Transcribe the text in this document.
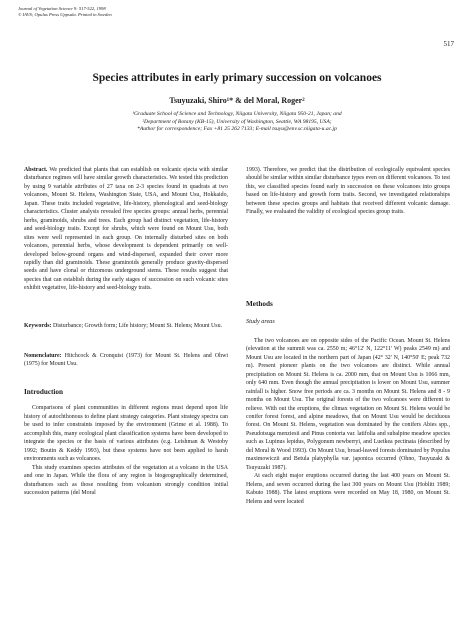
Journal of Vegetation Science 9: 517-522, 1998
© IAVS; Opulus Press Uppsala. Printed in Sweden
517
Species attributes in early primary succession on volcanoes
Tsuyuzaki, Shiro¹* & del Moral, Roger²
¹Graduate School of Science and Technology, Niigata University, Niigata 950-21, Japan; and
²Department of Botany (KB-15), University of Washington, Seattle, WA 98195, USA;
*Author for correspondence; Fax +81 25 262 7133; E-mail tsuyu@env.sc.niigata-u.ac.jp

Abstract. We predicted that plants that can establish on volcanic ejecta with similar disturbance regimes will have similar growth characteristics. We tested this prediction by using 9 variable attributes of 27 taxa on 2-3 species found in quadrats at two volcanoes, Mount St. Helens, Washington State, USA, and Mount Usu, Hokkaido, Japan. These traits included vegetative, life-history, phenological and seed-biology characteristics. Cluster analysis revealed five species groups: annual herbs, perennial herbs, graminoids, shrubs and trees. Each group had distinct vegetation, life-history and seed-biology traits. Except for shrubs, which were found on Mount Usu, both sites were well represented in each group. On internally disturbed sites on both volcanoes, perennial herbs, whose development is dependent primarily on well-developed below-ground organs and wind-dispersed, expanded their cover more rapidly than did graminoids. These graminoids generally produce gravity-dispersed seeds and have clonal or rhizomous underground stems. These results suggest that species that can establish during the early stages of succession on such volcanic sites exhibit vegetative, life-history and seed-biology traits.

Keywords: Disturbance; Growth form; Life history; Mount St. Helens; Mount Usu.

Nomenclature: Hitchcock & Cronquist (1973) for Mount St. Helens and Ohwi (1975) for Mount Usu.

Introduction

Comparisons of plant communities in different regions must depend upon life history of autochthonous to define plant strategy categories. Plant strategy spectra can be used to infer constraints imposed by the environment (Grime et al. 1988). To accomplish this, many ecological plant classification systems have been developed to integrate the species or the basis of various attributes (e.g. Leishman & Westoby 1992; Boutin & Keddy 1993), but these systems have not been applied to harsh environments such as volcanoes.

This study examines species attributes of the vegetation at a volcano in the USA and one in Japan. While the flora of any region is biogeographically determined, disturbances such as those resulting from volcanism strongly condition initial succession patterns (del Moral

1993). Therefore, we predict that the distribution of ecologically equivalent species should be similar within similar disturbance types even on different volcanoes. To test this, we classified species found early in succession on these volcanoes into groups based on life-history and growth form traits. Second, we investigated relationships between these species groups and habitats that received different volcanic damage. Finally, we evaluated the validity of ecological species group traits.

Methods

Study areas

The two volcanoes are on opposite sides of the Pacific Ocean. Mount St. Helens (elevation at the summit was ca. 2550 m; 46°12' N, 122°11' W) peaks 2549 m) and Mount Usu are located in the northern part of Japan (42° 32' N, 140°50' E; peak 732 m). Present pioneer plants on the two volcanoes are distinct. While annual precipitation on Mount St. Helens is ca. 2000 mm, that on Mount Usu is 1066 mm, only 640 mm. Even though the annual precipitation is lower on Mount Usu, summer rainfall is higher. Snow free periods are ca. 3 months on Mount St. Helens and 8 - 9 months on Mount Usu. The original forests of the two volcanoes were different to relieve. With out the eruptions, the climax vegetation on Mount St. Helens would be conifer forest forest, and alpine meadows, that on Mount Usu would be deciduous forest. On Mount St. Helens, vegetation was dominated by the conifers Abies spp., Pseudotsuga menziesii and Pinus contorta var. latifolia and subalpine meadow species such as Lupinus lepidus, Polygonum newberryi, and Luetkea pectinata (described by del Moral & Wood 1993). On Mount Usu, broad-leaved forests dominated by Populus maximowiczii and Betula platyphylla var. japonica occurred (Ohno, Tsuyuzaki & Tsuyuzaki 1987).

At each eight major eruptions occurred during the last 400 years on Mount St. Helens, and seven occurred during the last 300 years on Mount Usu (Hoblitt 1989; Kabuto 1988). The latest eruptions were recorded on May 18, 1980, on Mount St. Helens and were located
